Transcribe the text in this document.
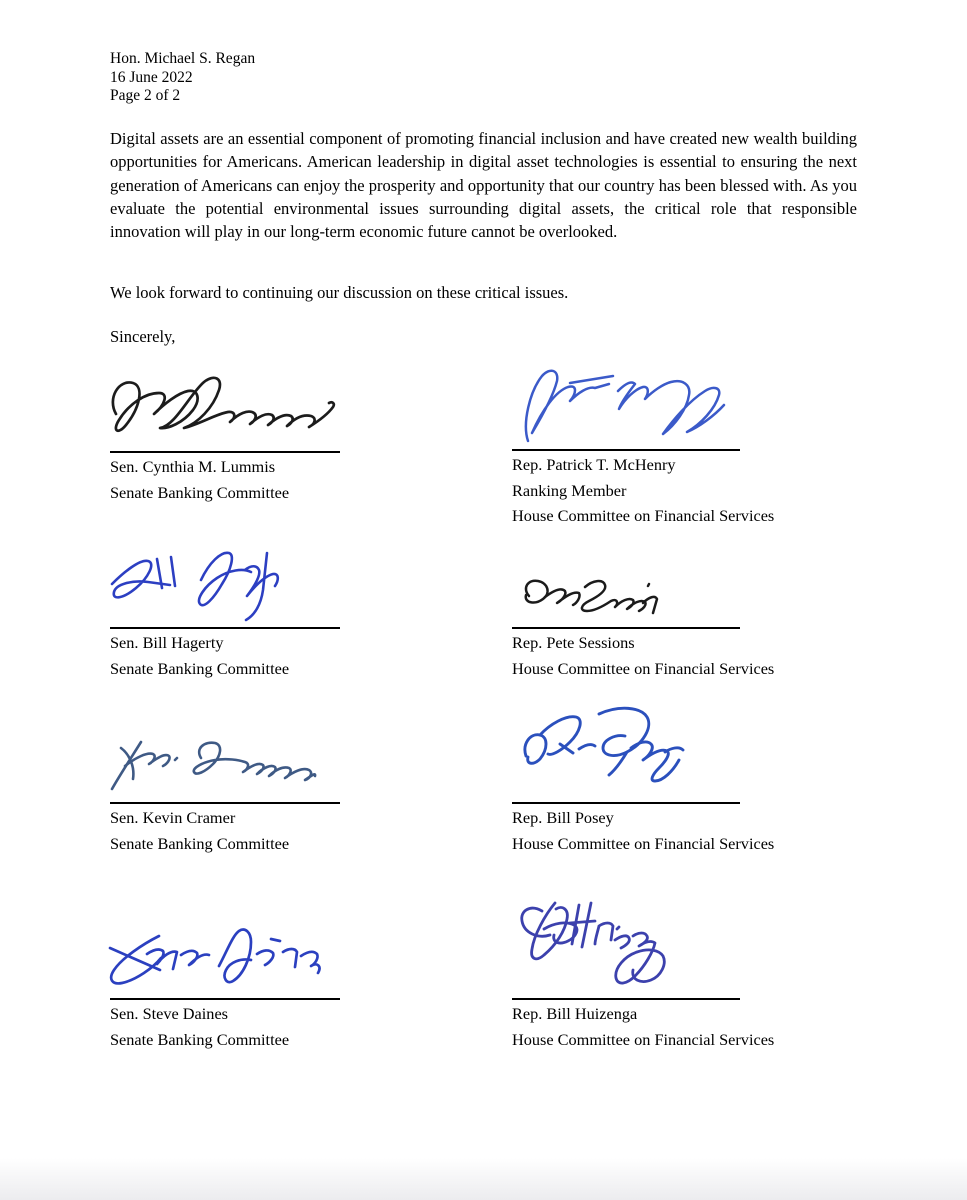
Hon. Michael S. Regan
16 June 2022
Page 2 of 2
Digital assets are an essential component of promoting financial inclusion and have created new wealth building opportunities for Americans. American leadership in digital asset technologies is essential to ensuring the next generation of Americans can enjoy the prosperity and opportunity that our country has been blessed with. As you evaluate the potential environmental issues surrounding digital assets, the critical role that responsible innovation will play in our long-term economic future cannot be overlooked.
We look forward to continuing our discussion on these critical issues.
Sincerely,
Sen. Cynthia M. Lummis
Senate Banking Committee
Sen. Bill Hagerty
Senate Banking Committee
Sen. Kevin Cramer
Senate Banking Committee
Sen. Steve Daines
Senate Banking Committee
Rep. Patrick T. McHenry
Ranking Member
House Committee on Financial Services
Rep. Pete Sessions
House Committee on Financial Services
Rep. Bill Posey
House Committee on Financial Services
Rep. Bill Huizenga
House Committee on Financial Services
